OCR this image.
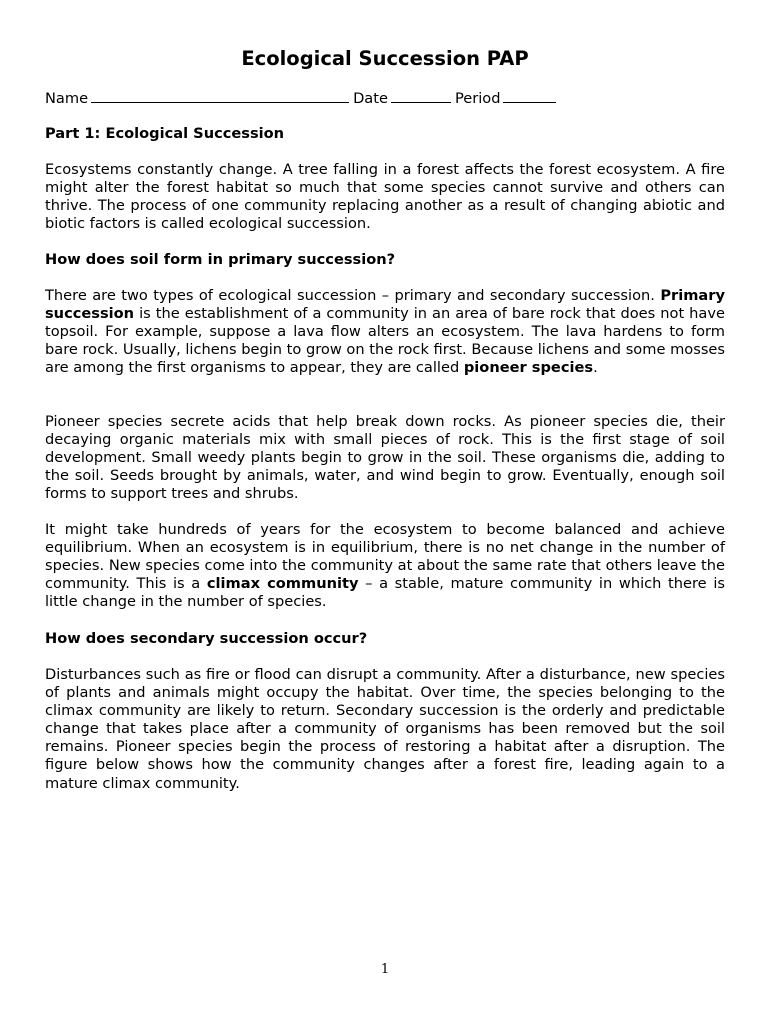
Ecological Succession PAP
Name	Date	Period
Part 1: Ecological Succession

Ecosystems constantly change. A tree falling in a forest affects the forest ecosystem. A fire might alter the forest habitat so much that some species cannot survive and others can thrive. The process of one community replacing another as a result of changing abiotic and biotic factors is called ecological succession.

How does soil form in primary succession?

There are two types of ecological succession – primary and secondary succession. Primary succession is the establishment of a community in an area of bare rock that does not have topsoil. For example, suppose a lava flow alters an ecosystem. The lava hardens to form bare rock. Usually, lichens begin to grow on the rock first. Because lichens and some mosses are among the first organisms to appear, they are called pioneer species.

Pioneer species secrete acids that help break down rocks. As pioneer species die, their decaying organic materials mix with small pieces of rock. This is the first stage of soil development. Small weedy plants begin to grow in the soil. These organisms die, adding to the soil. Seeds brought by animals, water, and wind begin to grow. Eventually, enough soil forms to support trees and shrubs.

It might take hundreds of years for the ecosystem to become balanced and achieve equilibrium. When an ecosystem is in equilibrium, there is no net change in the number of species. New species come into the community at about the same rate that others leave the community. This is a climax community – a stable, mature community in which there is little change in the number of species.

How does secondary succession occur?

Disturbances such as fire or flood can disrupt a community. After a disturbance, new species of plants and animals might occupy the habitat. Over time, the species belonging to the climax community are likely to return. Secondary succession is the orderly and predictable change that takes place after a community of organisms has been removed but the soil remains. Pioneer species begin the process of restoring a habitat after a disruption. The figure below shows how the community changes after a forest fire, leading again to a mature climax community.

1
